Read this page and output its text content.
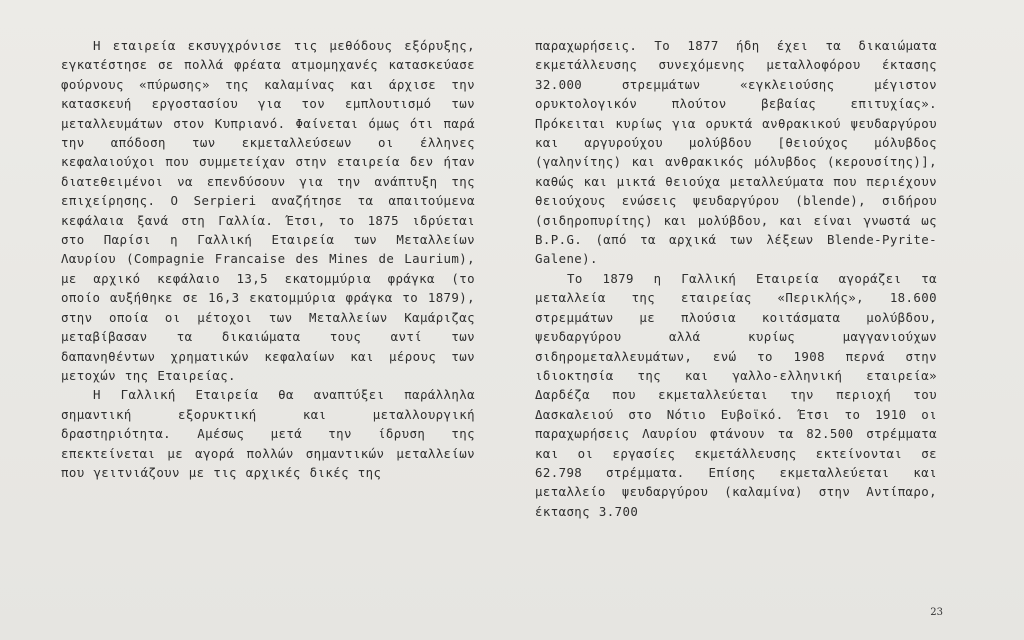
Η εταιρεία εκσυγχρόνισε τις μεθόδους εξόρυξης, εγκατέστησε σε πολλά φρέατα ατμομηχανές κατασκεύασε φούρνους «πύρωσης» της καλαμίνας και άρχισε την κατασκευή εργοστασίου για τον εμπλουτισμό των μεταλλευμάτων στον Κυπριανό. Φαίνεται όμως ότι παρά την απόδοση των εκμεταλλεύσεων οι έλληνες κεφαλαιούχοι που συμμετείχαν στην εταιρεία δεν ήταν διατεθειμένοι να επενδύσουν για την ανάπτυξη της επιχείρησης. Ο Serpieri αναζήτησε τα απαιτούμενα κεφάλαια ξανά στη Γαλλία. Έτσι, το 1875 ιδρύεται στο Παρίσι η Γαλλική Εταιρεία των Μεταλλείων Λαυρίου (Compagnie Francaise des Mines de Laurium), με αρχικό κεφάλαιο 13,5 εκατομμύρια φράγκα (το οποίο αυξήθηκε σε 16,3 εκατομμύρια φράγκα το 1879), στην οποία οι μέτοχοι των Μεταλλείων Καμάριζας μεταβίβασαν τα δικαιώματα τους αντί των δαπανηθέντων χρηματικών κεφαλαίων και μέρους των μετοχών της Εταιρείας.

Η Γαλλική Εταιρεία θα αναπτύξει παράλληλα σημαντική εξορυκτική και μεταλλουργική δραστηριότητα. Αμέσως μετά την ίδρυση της επεκτείνεται με αγορά πολλών σημαντικών μεταλλείων που γειτνιάζουν με τις αρχικές δικές της

παραχωρήσεις. Το 1877 ήδη έχει τα δικαιώματα εκμετάλλευσης συνεχόμενης μεταλλοφόρου έκτασης 32.000 στρεμμάτων «εγκλειούσης μέγιστον ορυκτολογικόν πλούτον βεβαίας επιτυχίας». Πρόκειται κυρίως για ορυκτά ανθρακικού ψευδαργύρου και αργυρούχου μολύβδου [θειούχος μόλυβδος (γαληνίτης) και ανθρακικός μόλυβδος (κερουσίτης)], καθώς και μικτά θειούχα μεταλλεύματα που περιέχουν θειούχους ενώσεις ψευδαργύρου (blende), σιδήρου (σιδηροπυρίτης) και μολύβδου, και είναι γνωστά ως B.P.G. (από τα αρχικά των λέξεων Blende-Pyrite-Galene).

Το 1879 η Γαλλική Εταιρεία αγοράζει τα μεταλλεία της εταιρείας «Περικλής», 18.600 στρεμμάτων με πλούσια κοιτάσματα μολύβδου, ψευδαργύρου αλλά κυρίως μαγγανιούχων σιδηρομεταλλευμάτων, ενώ το 1908 περνά στην ιδιοκτησία της και γαλλο-ελληνική εταιρεία» Δαρδέζα που εκμεταλλεύεται την περιοχή του Δασκαλειού στο Νότιο Ευβοϊκό. Έτσι το 1910 οι παραχωρήσεις Λαυρίου φτάνουν τα 82.500 στρέμματα και οι εργασίες εκμετάλλευσης εκτείνονται σε 62.798 στρέμματα. Επίσης εκμεταλλεύεται και μεταλλείο ψευδαργύρου (καλαμίνα) στην Αντίπαρο, έκτασης 3.700

23
